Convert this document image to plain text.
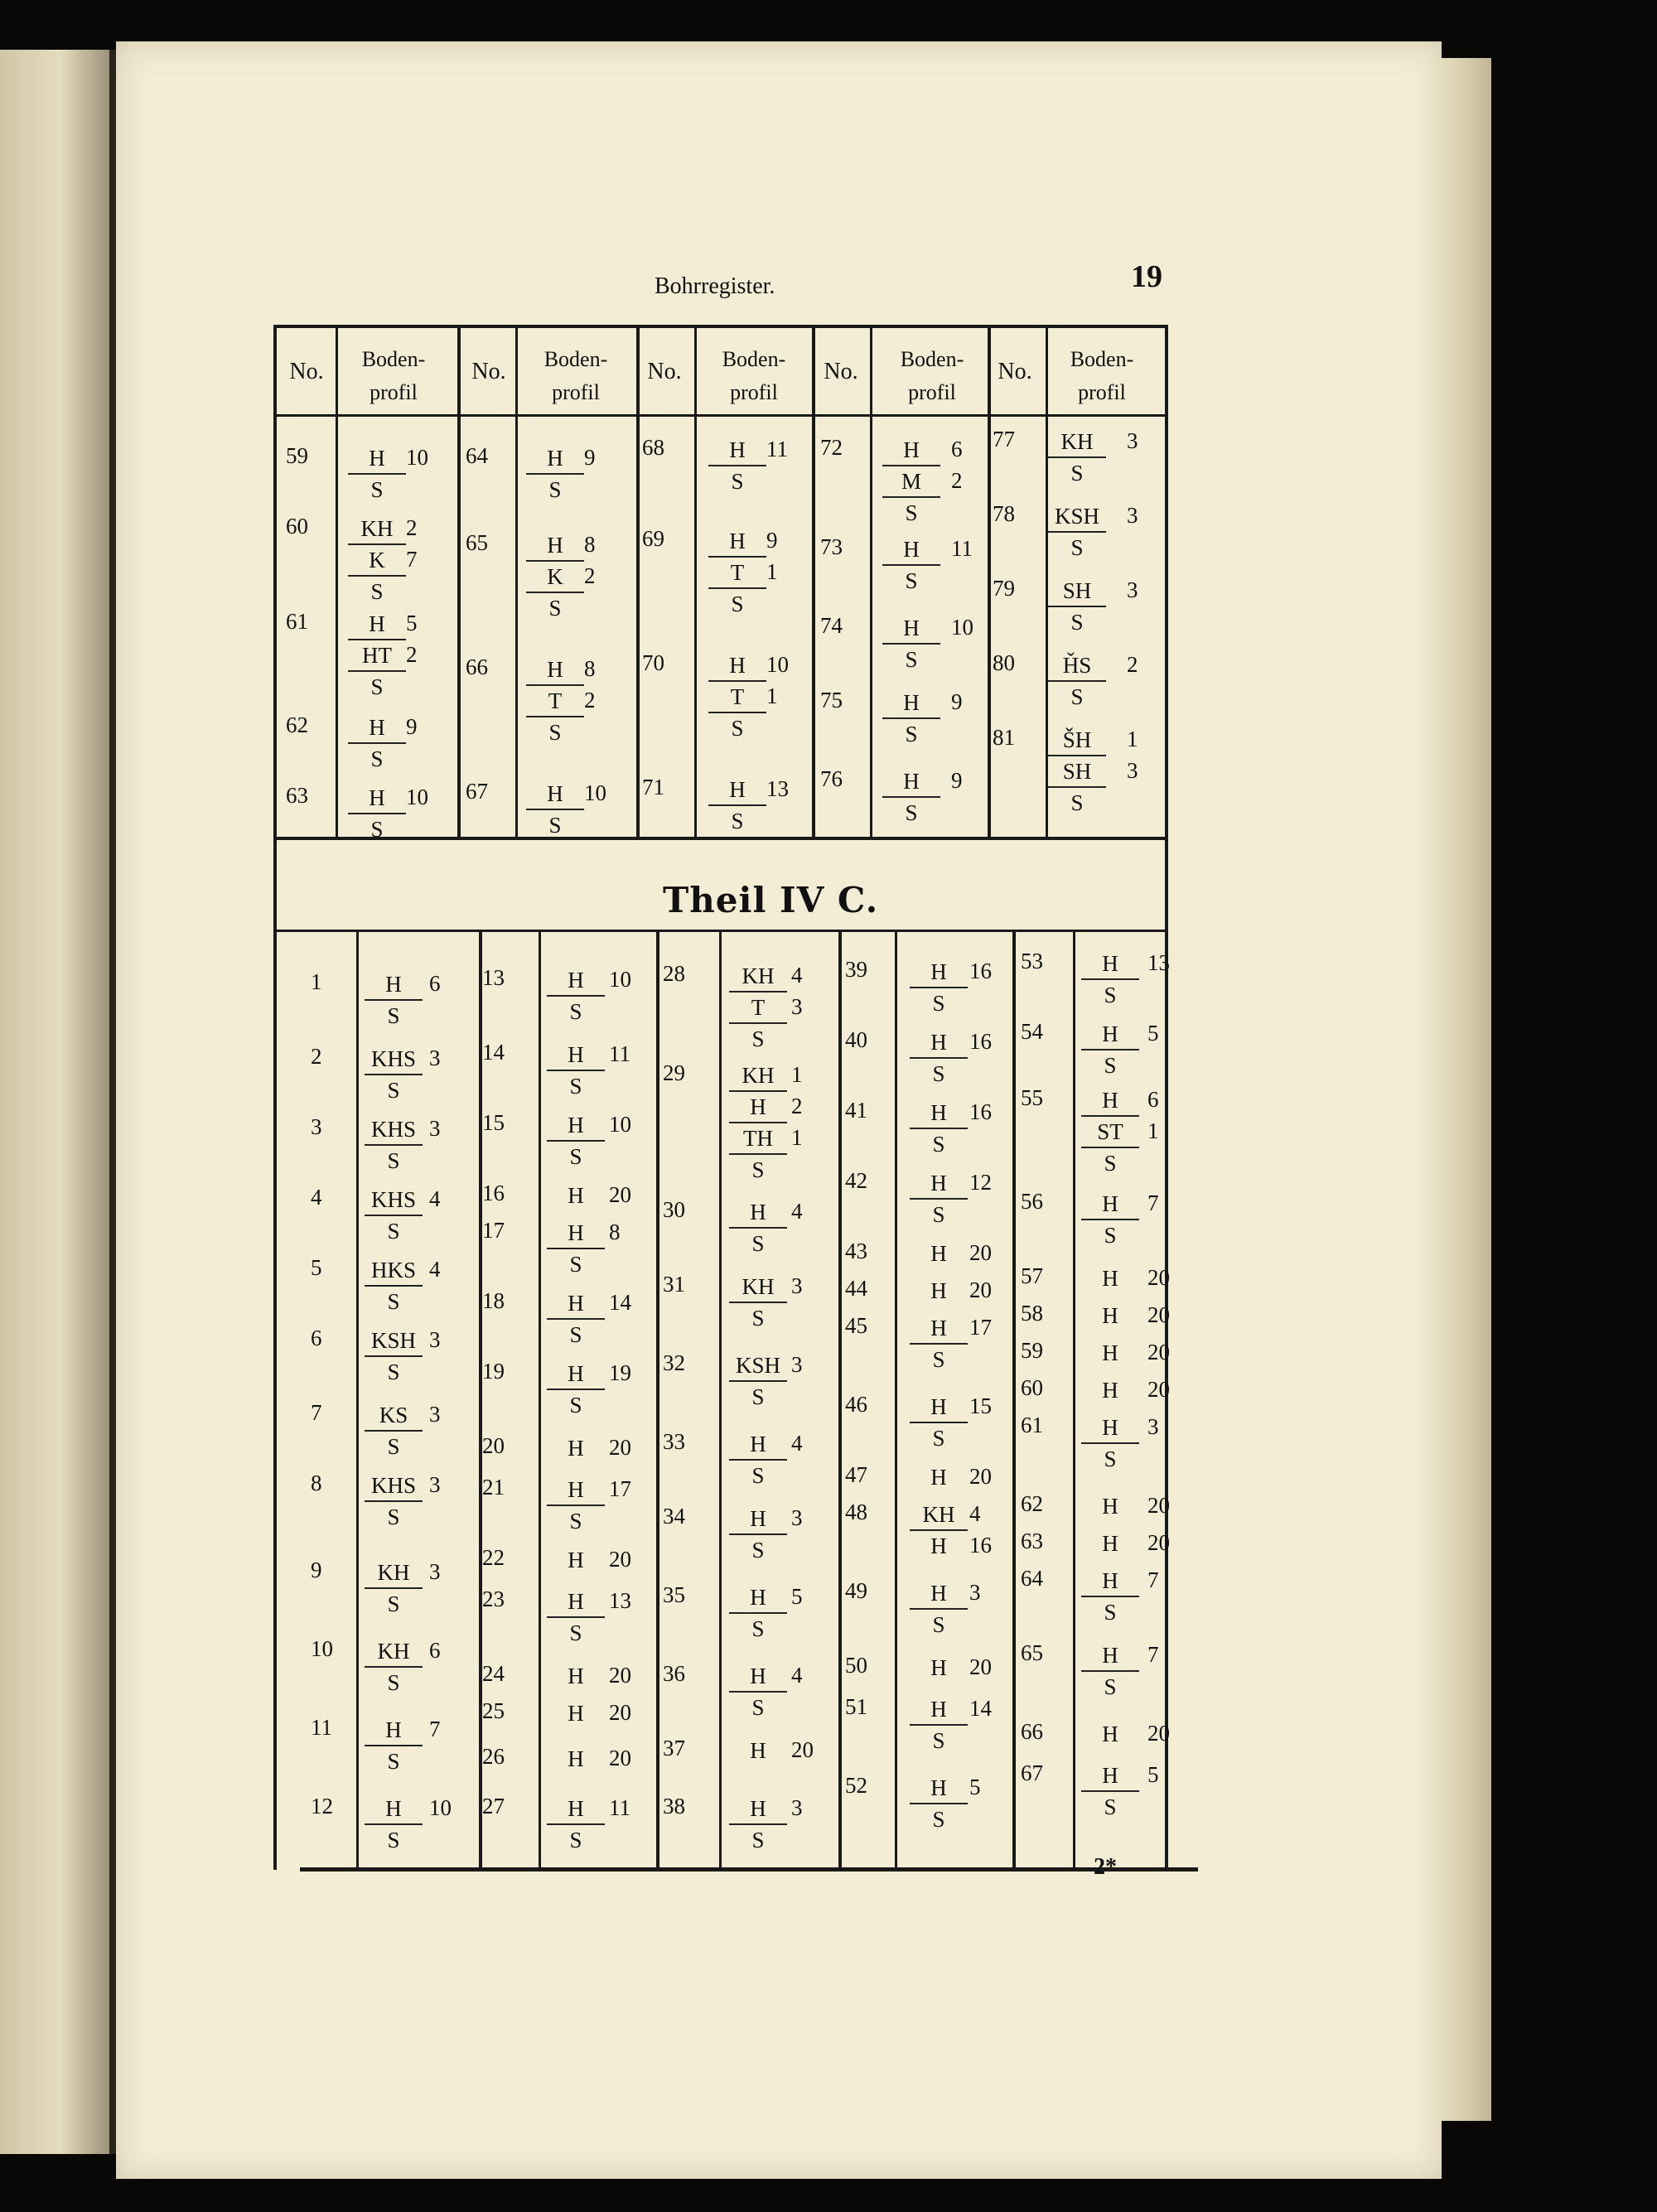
Bohrregister.	19
No.	Boden-
profil
No.	Boden-
profil
No.	Boden-
profil
No.	Boden-
profil
No.	Boden-
profil
59	H 10
S
60	KH 2
K 7
S
61	H 5
HT 2
S
62	H 9
S
63	H 10
S
64	H 9
S
65	H 8
K 2
S
66	H 8
T 2
S
67	H 10
S
68	H 11
S
69	H 9
T 1
S
70	H 10
T 1
S
71	H 13
S
72	H	6
M	2
S
73	H	11
S
74	H	10
S
75	H	9
S
76	H	9
S
77	KH	3
S
78 KSH 3
S
79	SH	3
S
80	ȞS	2
S
81	ŠH	1
SH	3
S
1	H	6
S
2 KHS 3
S
3 KHS 3
S
4 KHS 4
S
5 HKS 4
S
6 KSH 3
S
7	KS 3
S
8 KHS 3
S
9	KH 3
S
10	KH 6
S
11	H	7
S
12	H	10
S
13	H	10
S
14	H	11
S
15	H	10
S
16	H	20
17	H	8
S
18	H	14
S
19	H	19
S
20	H	20
21	H	17
S
22	H	20
23	H	13
S
24	H	20
25	H	20
26	H	20
27	H	11
S
28	KH 4
T	3
S
29	KH 1
H	2
TH 1
S
30	H	4
S
31	KH 3
S
32 KSH 3
S
33	H	4
S
34	H	3
S
35	H	5
S
36	H	4
S
37	H	20
38	H	3
S
39	H	16
S
40	H	16
S
41	H	16
S
42	H	12
S
43	H	20
44	H	20
45	H	17
S
46	H	15
S
47	H	20
48	KH 4
H	16
49	H	3
S
50	H	20
51	H	14
S
52	H	5
S
53	H	13
S
54	H	5
S
55	H	6
ST	1
S
56	H	7
S
57	H	20
58	H	20
59	H	20
60	H	20
61	H	3
S
62	H	20
63	H	20
64	H	7
S
65	H	7
S
66	H	20
67	H	5
S
Theil IV C.
2*
